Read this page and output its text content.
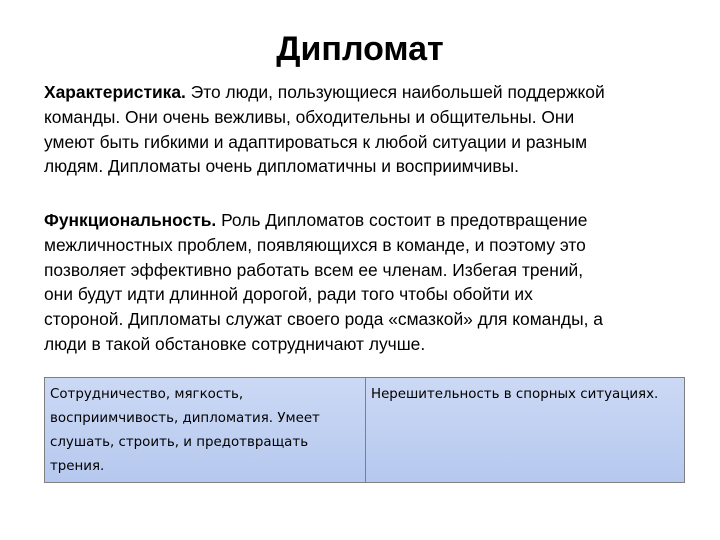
Дипломат
Характеристика. Это люди, пользующиеся наибольшей поддержкой
команды. Они очень вежливы, обходительны и общительны. Они
умеют быть гибкими и адаптироваться к любой ситуации и разным
людям. Дипломаты очень дипломатичны и восприимчивы.
Функциональность. Роль Дипломатов состоит в предотвращение
межличностных проблем, появляющихся в команде, и поэтому это
позволяет эффективно работать всем ее членам. Избегая трений,
они будут идти длинной дорогой, ради того чтобы обойти их
стороной. Дипломаты служат своего рода «смазкой» для команды, а
люди в такой обстановке сотрудничают лучше.
Сотрудничество, мягкость,
восприимчивость, дипломатия. Умеет
слушать, строить, и предотвращать
трения.
Нерешительность в спорных ситуациях.
